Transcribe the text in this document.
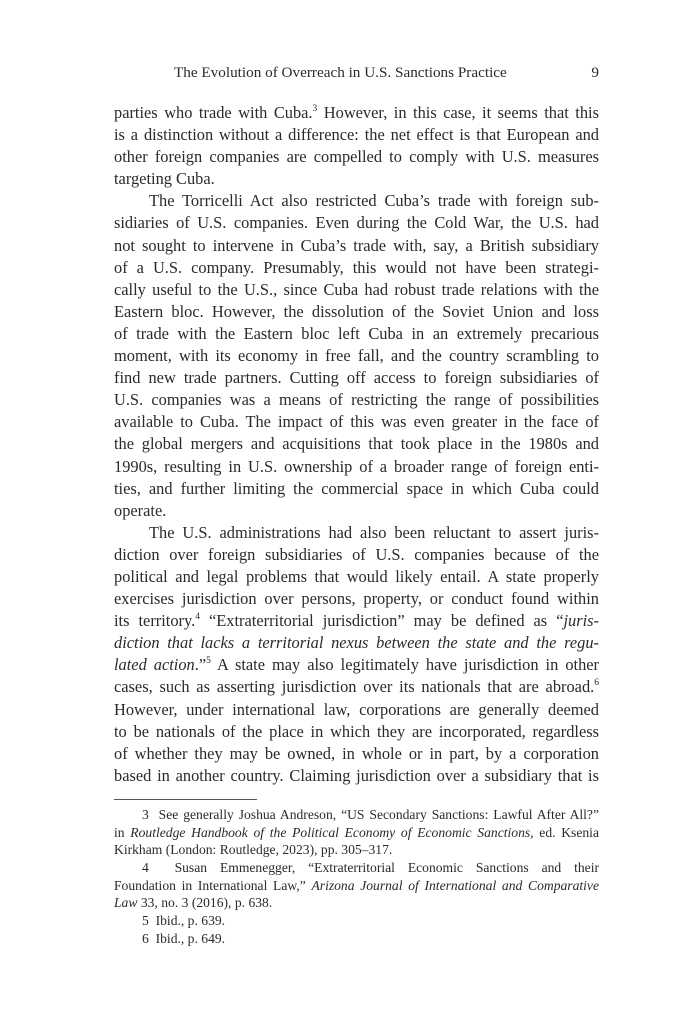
The Evolution of Overreach in U.S. Sanctions Practice	9
parties who trade with Cuba.$^3$ However, in this case, it seems that this
is a distinction without a difference: the net effect is that European and
other foreign companies are compelled to comply with U.S. measures
targeting Cuba.
The Torricelli Act also restricted Cuba’s trade with foreign sub-
sidiaries of U.S. companies. Even during the Cold War, the U.S. had
not sought to intervene in Cuba’s trade with, say, a British subsidiary
of a U.S. company. Presumably, this would not have been strategi-
cally useful to the U.S., since Cuba had robust trade relations with the
Eastern bloc. However, the dissolution of the Soviet Union and loss
of trade with the Eastern bloc left Cuba in an extremely precarious
moment, with its economy in free fall, and the country scrambling to
find new trade partners. Cutting off access to foreign subsidiaries of
U.S. companies was a means of restricting the range of possibilities
available to Cuba. The impact of this was even greater in the face of
the global mergers and acquisitions that took place in the 1980s and
1990s, resulting in U.S. ownership of a broader range of foreign enti-
ties, and further limiting the commercial space in which Cuba could
operate.
The U.S. administrations had also been reluctant to assert juris-
diction over foreign subsidiaries of U.S. companies because of the
political and legal problems that would likely entail. A state properly
exercises jurisdiction over persons, property, or conduct found within
its territory.$^4$ “Extraterritorial jurisdiction” may be defined as “juris-
diction that lacks a territorial nexus between the state and the regu-
lated action.”$^5$ A state may also legitimately have jurisdiction in other
cases, such as asserting jurisdiction over its nationals that are abroad.$^6$
However, under international law, corporations are generally deemed
to be nationals of the place in which they are incorporated, regardless
of whether they may be owned, in whole or in part, by a corporation
based in another country. Claiming jurisdiction over a subsidiary that is
3  See generally Joshua Andreson, “US Secondary Sanctions: Lawful After All?”
in Routledge Handbook of the Political Economy of Economic Sanctions, ed. Ksenia
Kirkham (London: Routledge, 2023), pp. 305–317.
4  Susan Emmenegger, “Extraterritorial Economic Sanctions and their
Foundation in International Law,” Arizona Journal of International and Comparative
Law 33, no. 3 (2016), p. 638.
5  Ibid., p. 639.
6  Ibid., p. 649.
